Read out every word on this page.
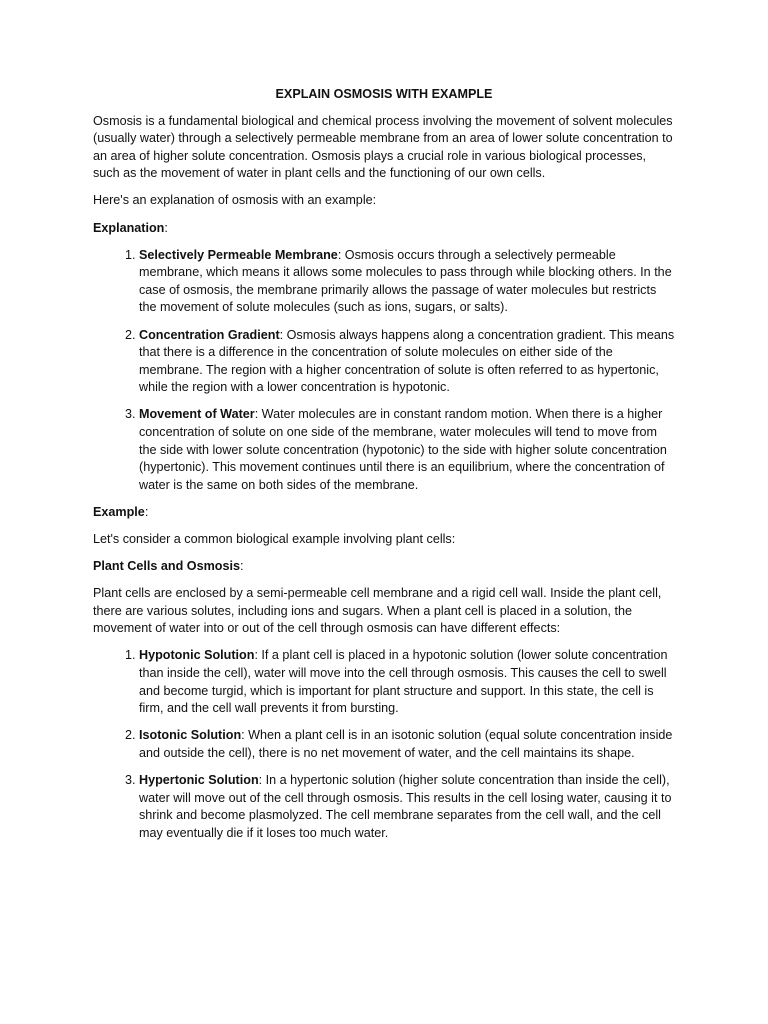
EXPLAIN OSMOSIS WITH EXAMPLE

Osmosis is a fundamental biological and chemical process involving the movement of solvent molecules (usually water) through a selectively permeable membrane from an area of lower solute concentration to an area of higher solute concentration. Osmosis plays a crucial role in various biological processes, such as the movement of water in plant cells and the functioning of our own cells.

Here's an explanation of osmosis with an example:

Explanation:

1. Selectively Permeable Membrane: Osmosis occurs through a selectively permeable membrane, which means it allows some molecules to pass through while blocking others. In the case of osmosis, the membrane primarily allows the passage of water molecules but restricts the movement of solute molecules (such as ions, sugars, or salts).
2. Concentration Gradient: Osmosis always happens along a concentration gradient. This means that there is a difference in the concentration of solute molecules on either side of the membrane. The region with a higher concentration of solute is often referred to as hypertonic, while the region with a lower concentration is hypotonic.
3. Movement of Water: Water molecules are in constant random motion. When there is a higher concentration of solute on one side of the membrane, water molecules will tend to move from the side with lower solute concentration (hypotonic) to the side with higher solute concentration (hypertonic). This movement continues until there is an equilibrium, where the concentration of water is the same on both sides of the membrane.

Example:

Let's consider a common biological example involving plant cells:

Plant Cells and Osmosis:

Plant cells are enclosed by a semi-permeable cell membrane and a rigid cell wall. Inside the plant cell, there are various solutes, including ions and sugars. When a plant cell is placed in a solution, the movement of water into or out of the cell through osmosis can have different effects:

1. Hypotonic Solution: If a plant cell is placed in a hypotonic solution (lower solute concentration than inside the cell), water will move into the cell through osmosis. This causes the cell to swell and become turgid, which is important for plant structure and support. In this state, the cell is firm, and the cell wall prevents it from bursting.
2. Isotonic Solution: When a plant cell is in an isotonic solution (equal solute concentration inside and outside the cell), there is no net movement of water, and the cell maintains its shape.
3. Hypertonic Solution: In a hypertonic solution (higher solute concentration than inside the cell), water will move out of the cell through osmosis. This results in the cell losing water, causing it to shrink and become plasmolyzed. The cell membrane separates from the cell wall, and the cell may eventually die if it loses too much water.
